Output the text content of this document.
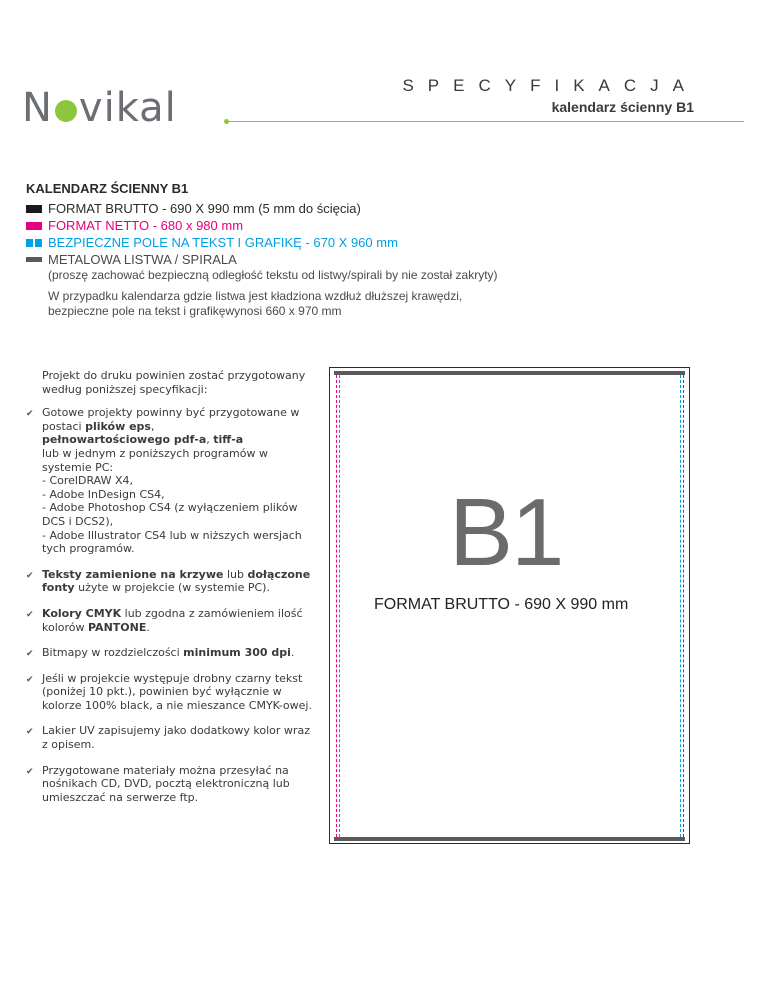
N vikal	SPECYFIKACJA
kalendarz ścienny B1
KALENDARZ ŚCIENNY B1
FORMAT BRUTTO - 690 X 990 mm (5 mm do ścięcia)
FORMAT NETTO - 680 x 980 mm
BEZPIECZNE POLE NA TEKST I GRAFIKĘ - 670 X 960 mm
METALOWA LISTWA / SPIRALA
(proszę zachować bezpieczną odległość tekstu od listwy/spirali by nie został zakryty)
W przypadku kalendarza gdzie listwa jest kładziona wzdłuż dłuższej krawędzi,
bezpieczne pole na tekst i grafikęwynosi 660 x 970 mm
Projekt do druku powinien zostać przygotowany według poniższej specyfikacji:
✔ Gotowe projekty powinny być przygotowane w postaci plików eps,
pełnowartościowego pdf-a, tiff-a
lub w jednym z poniższych programów w systemie PC:
- CorelDRAW X4,
- Adobe InDesign CS4,
- Adobe Photoshop CS4 (z wyłączeniem plików DCS i DCS2),
- Adobe Illustrator CS4 lub w niższych wersjach tych programów.
✔ Teksty zamienione na krzywe lub dołączone fonty użyte w projekcie (w systemie PC).
✔ Kolory CMYK lub zgodna z zamówieniem ilość kolorów PANTONE.
✔ Bitmapy w rozdzielczości minimum 300 dpi.
✔ Jeśli w projekcie występuje drobny czarny tekst (poniżej 10 pkt.), powinien być wyłącznie w kolorze 100% black, a nie mieszance CMYK-owej.
✔ Lakier UV zapisujemy jako dodatkowy kolor wraz z opisem.
✔ Przygotowane materiały można przesyłać na nośnikach CD, DVD, pocztą elektroniczną lub umieszczać na serwerze ftp.
B1
FORMAT BRUTTO - 690 X 990 mm
